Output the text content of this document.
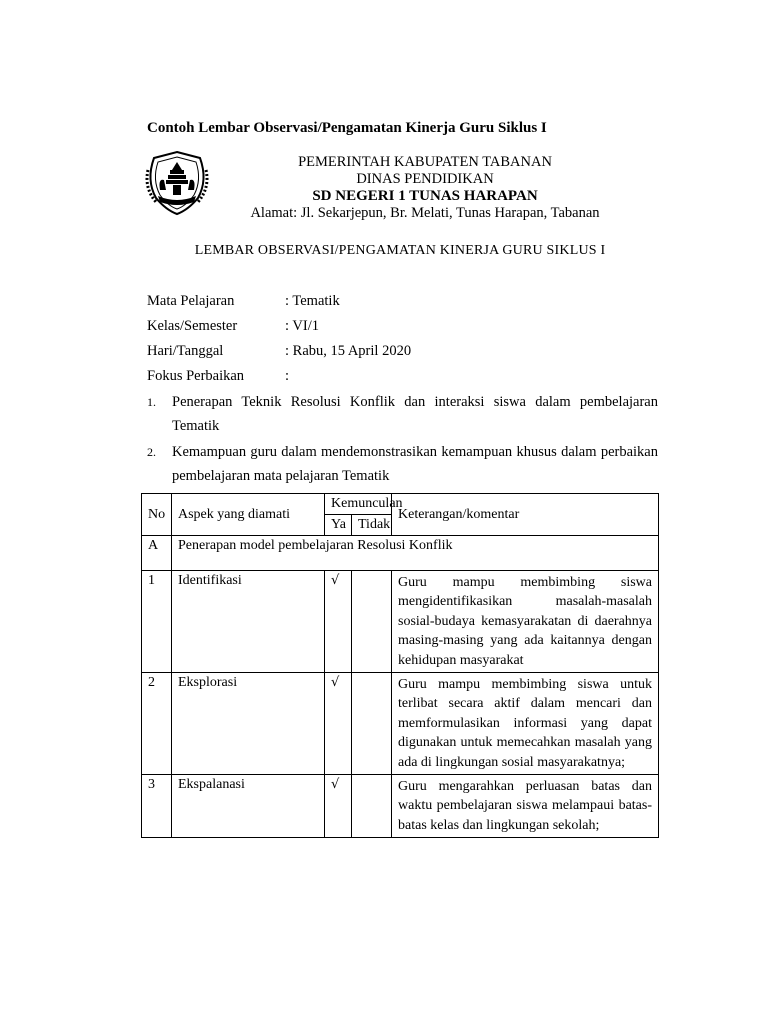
Contoh Lembar Observasi/Pengamatan Kinerja Guru Siklus I
PEMERINTAH KABUPATEN TABANAN
DINAS PENDIDIKAN
SD NEGERI 1 TUNAS HARAPAN
Alamat: Jl. Sekarjepun, Br. Melati, Tunas Harapan, Tabanan
LEMBAR OBSERVASI/PENGAMATAN KINERJA GURU SIKLUS I
Mata Pelajaran	: Tematik
Kelas/Semester	: VI/1
Hari/Tanggal	: Rabu, 15 April 2020
Fokus Perbaikan	:
1. Penerapan Teknik Resolusi Konflik dan interaksi siswa dalam pembelajaran Tematik
2. Kemampuan guru dalam mendemonstrasikan kemampuan khusus dalam perbaikan pembelajaran mata pelajaran Tematik
No	Aspek yang diamati	Kemunculan		Keterangan/komentar
		Ya	Tidak	
A	Penerapan model pembelajaran Resolusi Konflik			
1	Identifikasi	√		Guru mampu membimbing siswa mengidentifikasikan masalah-masalah sosial-budaya kemasyarakatan di daerahnya masing-masing yang ada kaitannya dengan kehidupan masyarakat
2	Eksplorasi	√		Guru mampu membimbing siswa untuk terlibat secara aktif dalam mencari dan memformulasikan informasi yang dapat digunakan untuk memecahkan masalah yang ada di lingkungan sosial masyarakatnya;
3	Ekspalanasi	√		Guru mengarahkan perluasan batas dan waktu pembelajaran siswa melampaui batas-batas kelas dan lingkungan sekolah;
